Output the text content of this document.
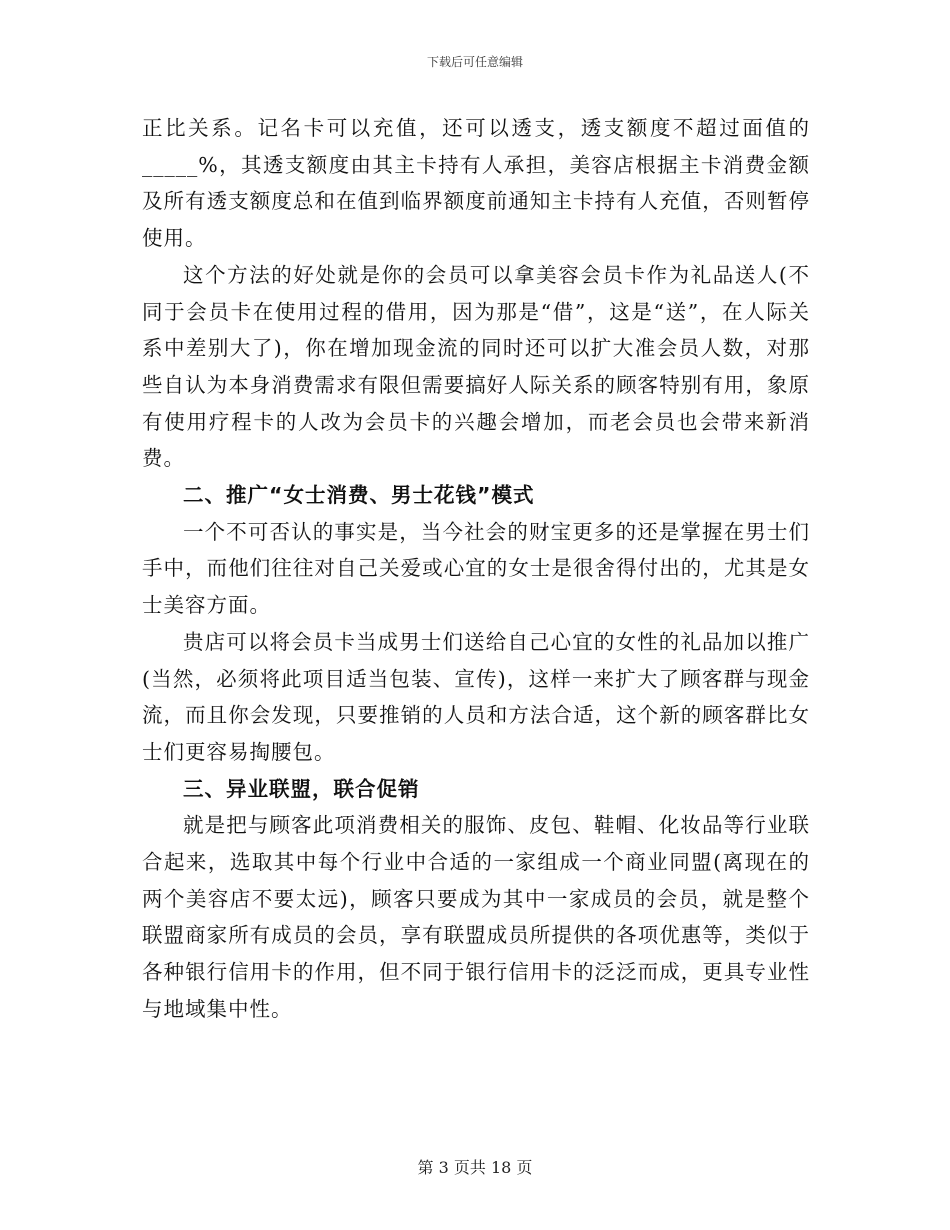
下载后可任意编辑

正比关系。记名卡可以充值，还可以透支，透支额度不超过面值的_____%，其透支额度由其主卡持有人承担，美容店根据主卡消费金额及所有透支额度总和在值到临界额度前通知主卡持有人充值，否则暂停使用。

这个方法的好处就是你的会员可以拿美容会员卡作为礼品送人(不同于会员卡在使用过程的借用，因为那是“借”，这是“送”，在人际关系中差别大了)，你在增加现金流的同时还可以扩大准会员人数，对那些自认为本身消费需求有限但需要搞好人际关系的顾客特别有用，象原有使用疗程卡的人改为会员卡的兴趣会增加，而老会员也会带来新消费。

二、推广“女士消费、男士花钱”模式

一个不可否认的事实是，当今社会的财宝更多的还是掌握在男士们手中，而他们往往对自己关爱或心宜的女士是很舍得付出的，尤其是女士美容方面。

贵店可以将会员卡当成男士们送给自己心宜的女性的礼品加以推广(当然，必须将此项目适当包装、宣传)，这样一来扩大了顾客群与现金流，而且你会发现，只要推销的人员和方法合适，这个新的顾客群比女士们更容易掏腰包。

三、异业联盟，联合促销

就是把与顾客此项消费相关的服饰、皮包、鞋帽、化妆品等行业联合起来，选取其中每个行业中合适的一家组成一个商业同盟(离现在的两个美容店不要太远)，顾客只要成为其中一家成员的会员，就是整个联盟商家所有成员的会员，享有联盟成员所提供的各项优惠等，类似于各种银行信用卡的作用，但不同于银行信用卡的泛泛而成，更具专业性与地域集中性。

第 3 页共 18 页
